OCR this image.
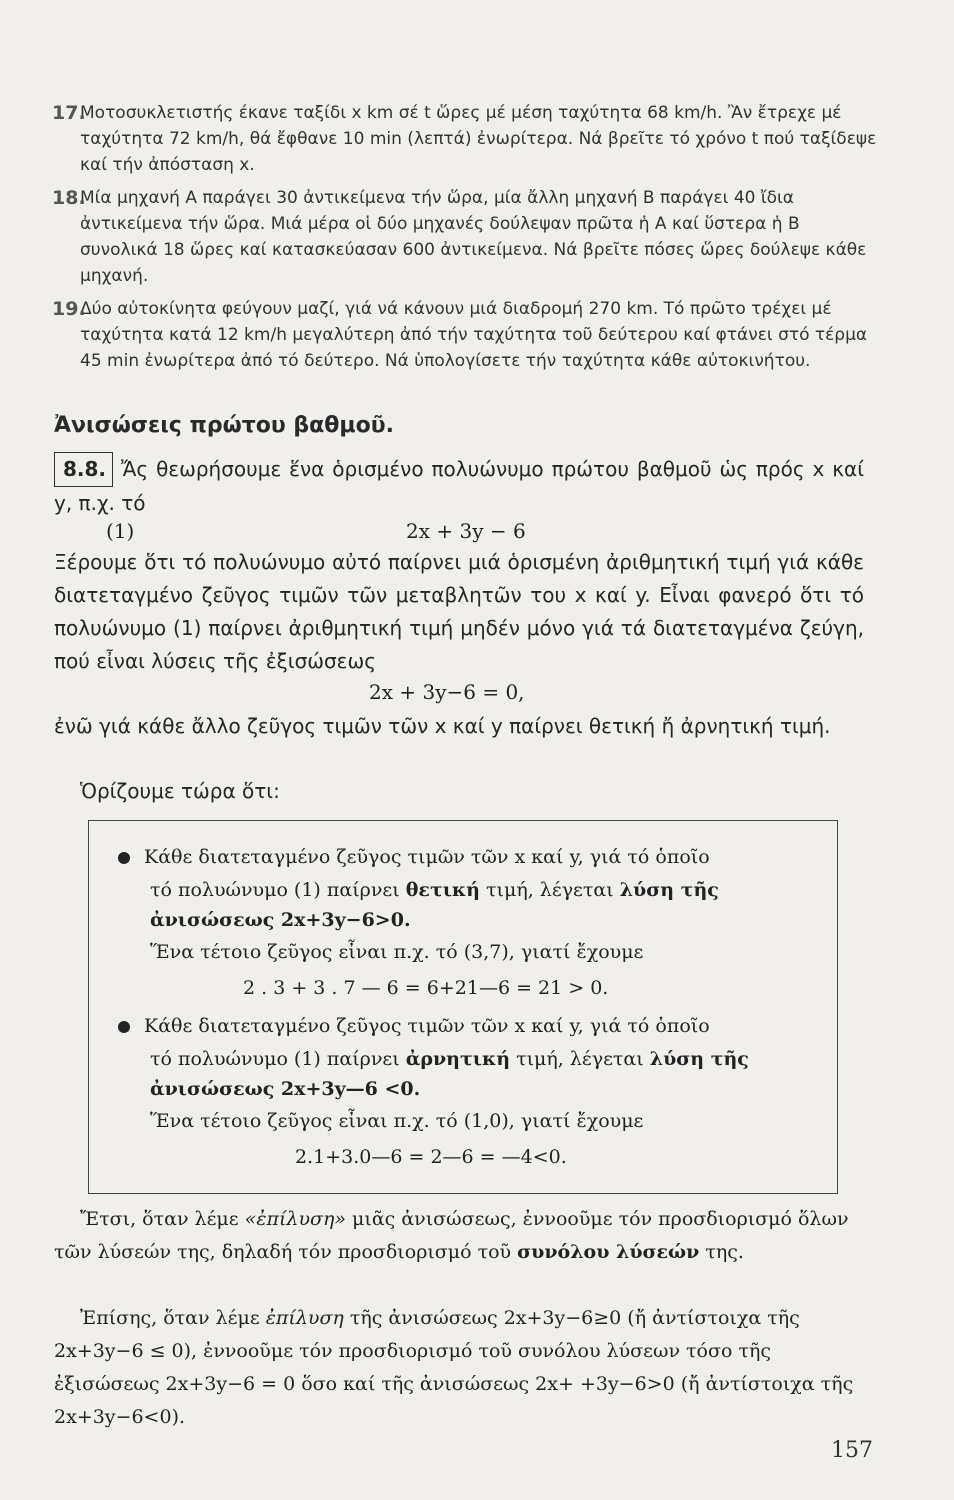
17.
Μοτοσυκλετιστής έκανε ταξίδι x km σέ t ὥρες μέ μέση ταχύτητα 68 km/h. Ἂν ἔτρεχε μέ ταχύτητα 72 km/h, θά ἔφθανε 10 min (λεπτά) ἐνωρίτερα. Νά βρεῖτε τό χρόνο t πού ταξίδεψε καί τήν ἀπόσταση x.
18.
Μία μηχανή Α παράγει 30 ἀντικείμενα τήν ὥρα, μία ἄλλη μηχανή Β παράγει 40 ἴδια ἀντικείμενα τήν ὥρα. Μιά μέρα οἱ δύο μηχανές δούλεψαν πρῶτα ἡ Α καί ὕστερα ἡ Β συνολικά 18 ὥρες καί κατασκεύασαν 600 ἀντικείμενα. Νά βρεῖτε πόσες ὥρες δούλεψε κάθε μηχανή.
19.
Δύο αὐτοκίνητα φεύγουν μαζί, γιά νά κάνουν μιά διαδρομή 270 km. Τό πρῶτο τρέχει μέ ταχύτητα κατά 12 km/h μεγαλύτερη ἀπό τήν ταχύτητα τοῦ δεύτερου καί φτάνει στό τέρμα 45 min ἐνωρίτερα ἀπό τό δεύτερο. Νά ὑπολογίσετε τήν ταχύτητα κάθε αὐτοκινήτου.
Ἀνισώσεις πρώτου βαθμοῦ.
8.8. Ἄς θεωρήσουμε ἕνα ὁρισμένο πολυώνυμο πρώτου βαθμοῦ ὡς πρός x καί y, π.χ. τό
(1)	2x + 3y − 6
Ξέρουμε ὅτι τό πολυώνυμο αὐτό παίρνει μιά ὁρισμένη ἀριθμητική τιμή γιά κάθε διατεταγμένο ζεῦγος τιμῶν τῶν μεταβλητῶν του x καί y. Εἶναι φανερό ὅτι τό πολυώνυμο (1) παίρνει ἀριθμητική τιμή μηδέν μόνο γιά τά διατεταγμένα ζεύγη, πού εἶναι λύσεις τῆς ἐξισώσεως
2x + 3y−6 = 0,
ἐνῶ γιά κάθε ἄλλο ζεῦγος τιμῶν τῶν x καί y παίρνει θετική ἤ ἀρνητική τιμή.
Ὁρίζουμε τώρα ὅτι:
Κάθε διατεταγμένο ζεῦγος τιμῶν τῶν x καί y, γιά τό ὁποῖο
τό πολυώνυμο (1) παίρνει θετική τιμή, λέγεται λύση τῆς
ἀνισώσεως 2x+3y−6>0.
Ἕνα τέτοιο ζεῦγος εἶναι π.χ. τό (3,7), γιατί ἔχουμε
2 . 3 + 3 . 7 — 6 = 6+21—6 = 21 > 0.
Κάθε διατεταγμένο ζεῦγος τιμῶν τῶν x καί y, γιά τό ὁποῖο
τό πολυώνυμο (1) παίρνει ἀρνητική τιμή, λέγεται λύση τῆς
ἀνισώσεως 2x+3y—6 <0.
Ἕνα τέτοιο ζεῦγος εἶναι π.χ. τό (1,0), γιατί ἔχουμε
2.1+3.0—6 = 2—6 = —4<0.
Ἔτσι, ὅταν λέμε «ἐπίλυση» μιᾶς ἀνισώσεως, ἐννοοῦμε τόν προσδιορισμό ὅλων τῶν λύσεών της, δηλαδή τόν προσδιορισμό τοῦ συνόλου λύσεών της.
Ἐπίσης, ὅταν λέμε ἐπίλυση τῆς ἀνισώσεως 2x+3y−6≥0 (ἤ ἀντίστοιχα τῆς 2x+3y−6 ≤ 0), ἐννοοῦμε τόν προσδιορισμό τοῦ συνόλου λύσεων τόσο τῆς ἐξισώσεως 2x+3y−6 = 0 ὅσο καί τῆς ἀνισώσεως 2x+ +3y−6>0 (ἤ ἀντίστοιχα τῆς 2x+3y−6<0).
157
